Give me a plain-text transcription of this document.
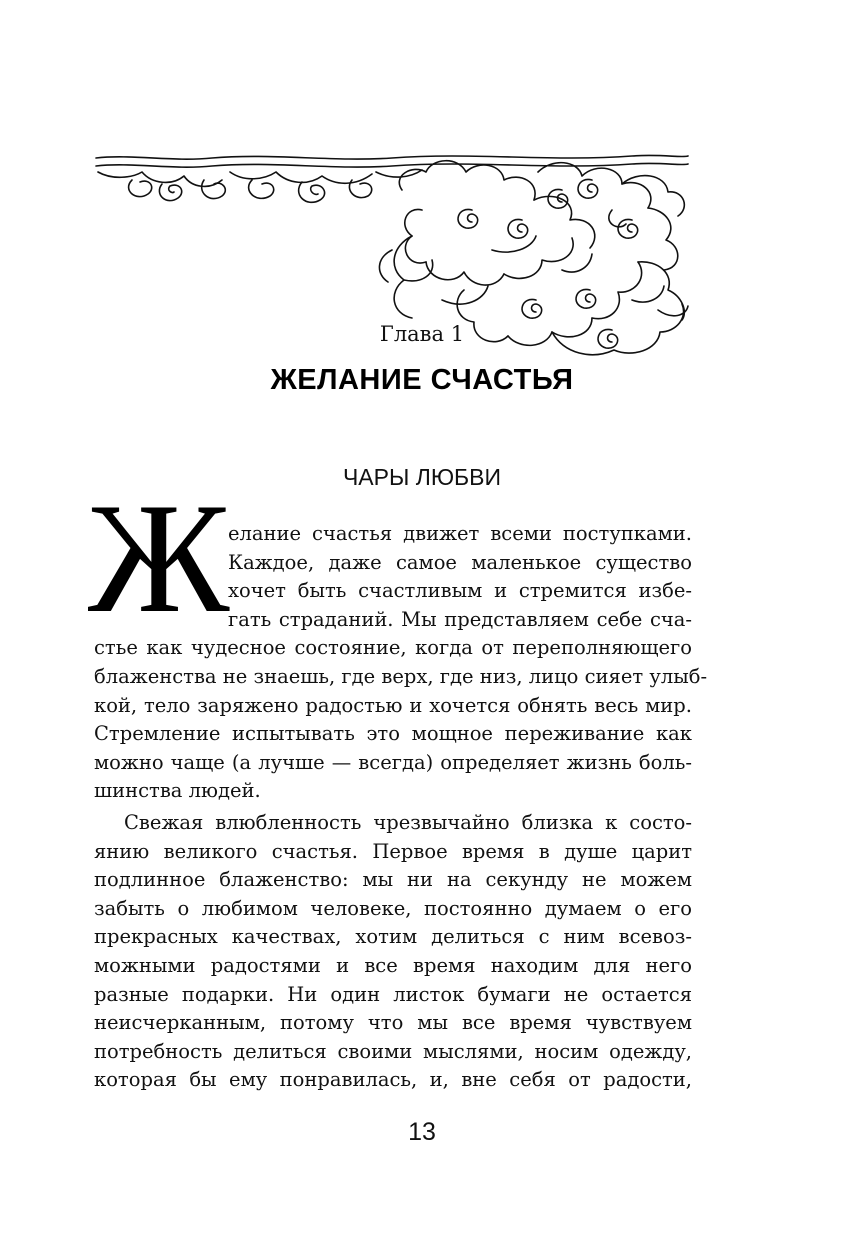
Глава 1
ЖЕЛАНИЕ СЧАСТЬЯ
ЧАРЫ ЛЮБВИ
Ж
елание счастья движет всеми поступками.
Каждое, даже самое маленькое существо
хочет быть счастливым и стремится избе-
гать страданий. Мы представляем себе сча-
стье как чудесное состояние, когда от переполняющего
блаженства не знаешь, где верх, где низ, лицо сияет улыб-
кой, тело заряжено радостью и хочется обнять весь мир.
Стремление испытывать это мощное переживание как
можно чаще (а лучше — всегда) определяет жизнь боль-
шинства людей.
Свежая влюбленность чрезвычайно близка к состо-
янию великого счастья. Первое время в душе царит
подлинное блаженство: мы ни на секунду не можем
забыть о любимом человеке, постоянно думаем о его
прекрасных качествах, хотим делиться с ним всевоз-
можными радостями и все время находим для него
разные подарки. Ни один листок бумаги не остается
неисчерканным, потому что мы все время чувствуем
потребность делиться своими мыслями, носим одежду,
которая бы ему понравилась, и, вне себя от радости,
13
